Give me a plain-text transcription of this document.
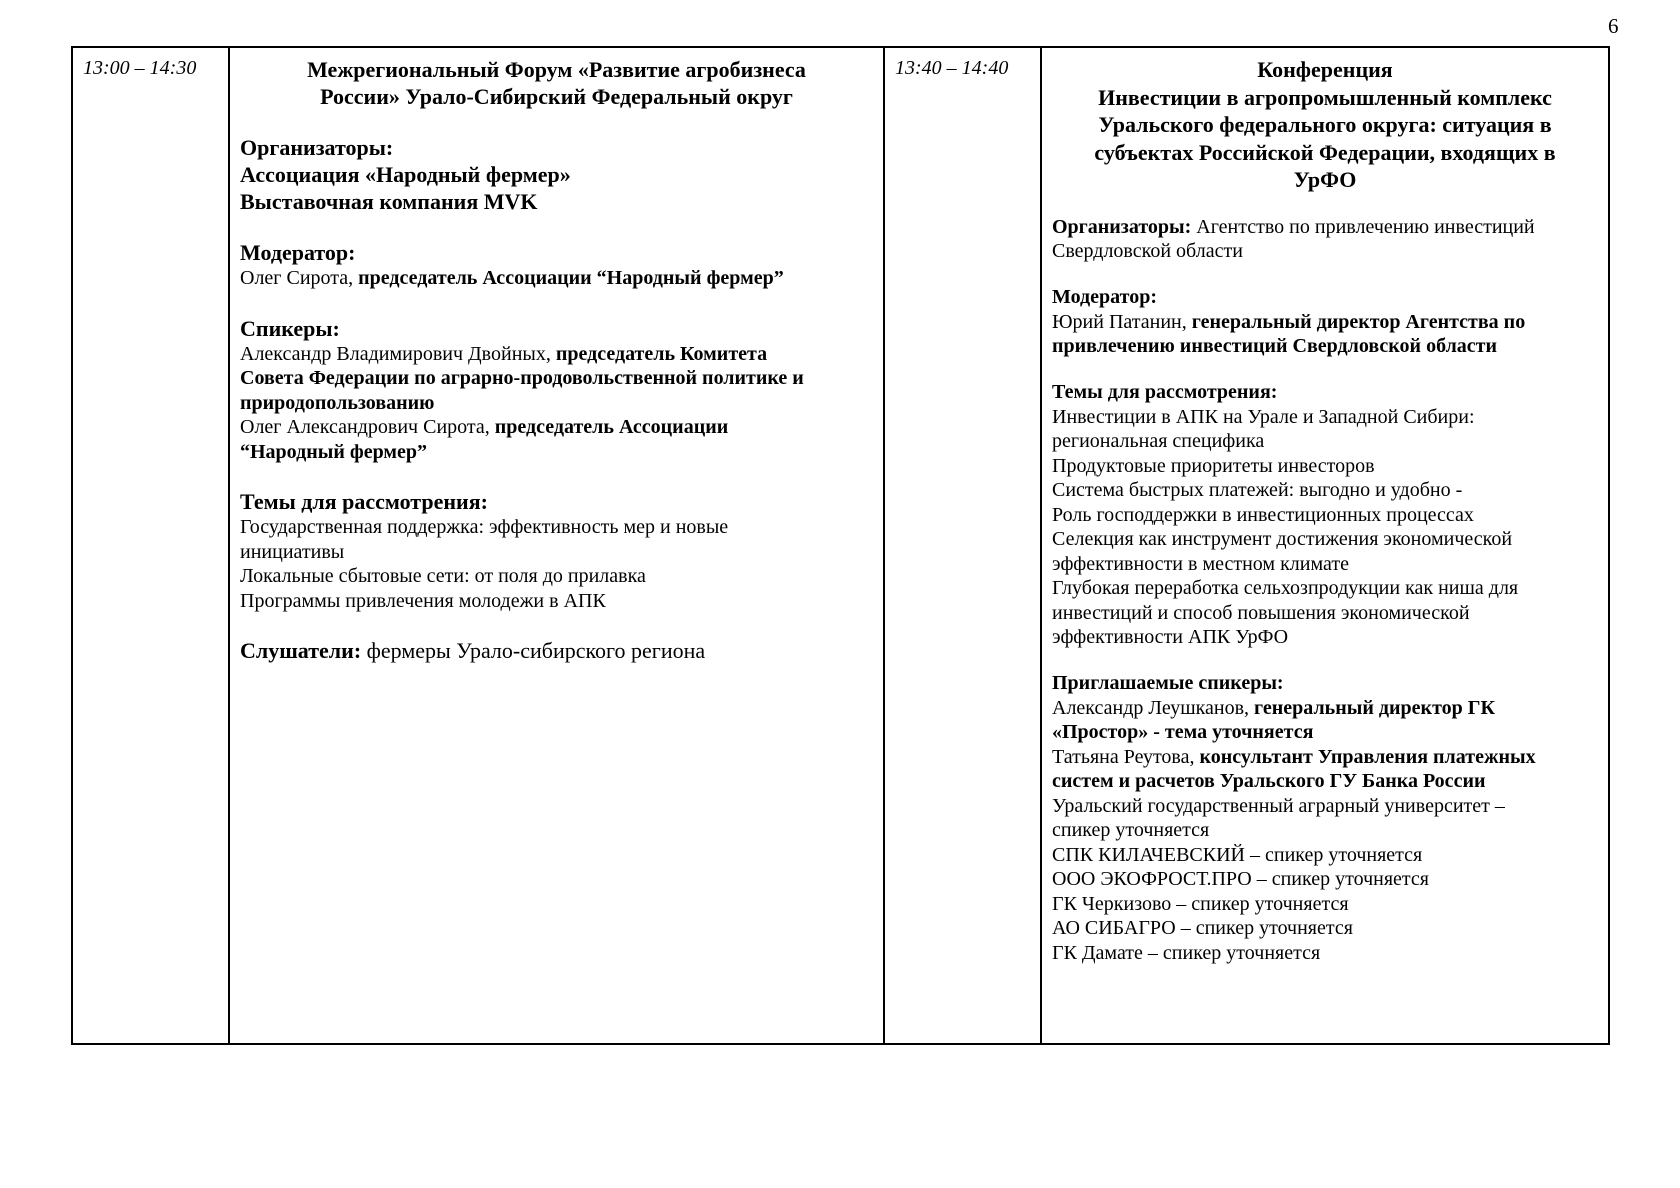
6
13:00 – 14:30	Межрегиональный Форум «Развитие агробизнеса
России» Урало-Сибирский Федеральный округ
Организаторы:
Ассоциация «Народный фермер»
Выставочная компания MVK
Модератор:
Олег Сирота, председатель Ассоциации “Народный фермер”
Спикеры:
Александр Владимирович Двойных, председатель Комитета
Совета Федерации по аграрно-продовольственной политике и
природопользованию
Олег Александрович Сирота, председатель Ассоциации
“Народный фермер”
Темы для рассмотрения:
Государственная поддержка: эффективность мер и новые
инициативы
Локальные сбытовые сети: от поля до прилавка
Программы привлечения молодежи в АПК
Слушатели: фермеры Урало-сибирского региона
	13:40 – 14:40	Конференция
Инвестиции в агропромышленный комплекс
Уральского федерального округа: ситуация в
субъектах Российской Федерации, входящих в
УрФО
Организаторы: Агентство по привлечению инвестиций
Свердловской области
Модератор:
Юрий Патанин, генеральный директор Агентства по
привлечению инвестиций Свердловской области
Темы для рассмотрения:
Инвестиции в АПК на Урале и Западной Сибири:
региональная специфика
Продуктовые приоритеты инвесторов
Система быстрых платежей: выгодно и удобно -
Роль господдержки в инвестиционных процессах
Селекция как инструмент достижения экономической
эффективности в местном климате
Глубокая переработка сельхозпродукции как ниша для
инвестиций и способ повышения экономической
эффективности АПК УрФО
Приглашаемые спикеры:
Александр Леушканов, генеральный директор ГК
«Простор» - тема уточняется
Татьяна Реутова, консультант Управления платежных
систем и расчетов Уральского ГУ Банка России
Уральский государственный аграрный университет –
спикер уточняется
СПК КИЛАЧЕВСКИЙ – спикер уточняется
ООО ЭКОФРОСТ.ПРО – спикер уточняется
ГК Черкизово – спикер уточняется
АО СИБАГРО – спикер уточняется
ГК Дамате – спикер уточняется
